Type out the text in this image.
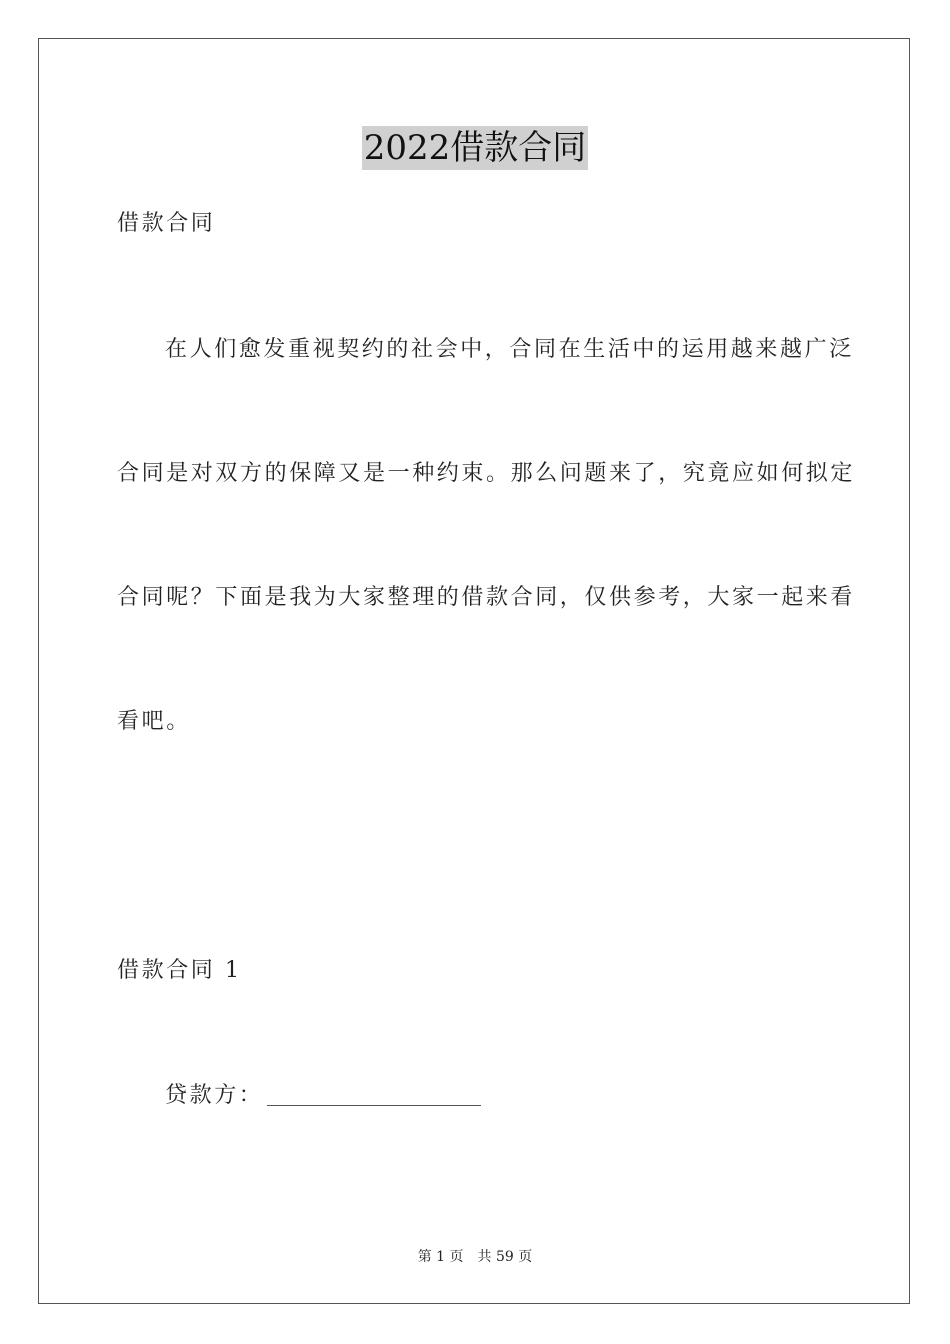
2022借款合同

借款合同

在人们愈发重视契约的社会中，合同在生活中的运用越来越广泛

合同是对双方的保障又是一种约束。那么问题来了，究竟应如何拟定

合同呢？下面是我为大家整理的借款合同，仅供参考，大家一起来看

看吧。

借款合同 1

贷款方：

第 1 页 共 59 页
